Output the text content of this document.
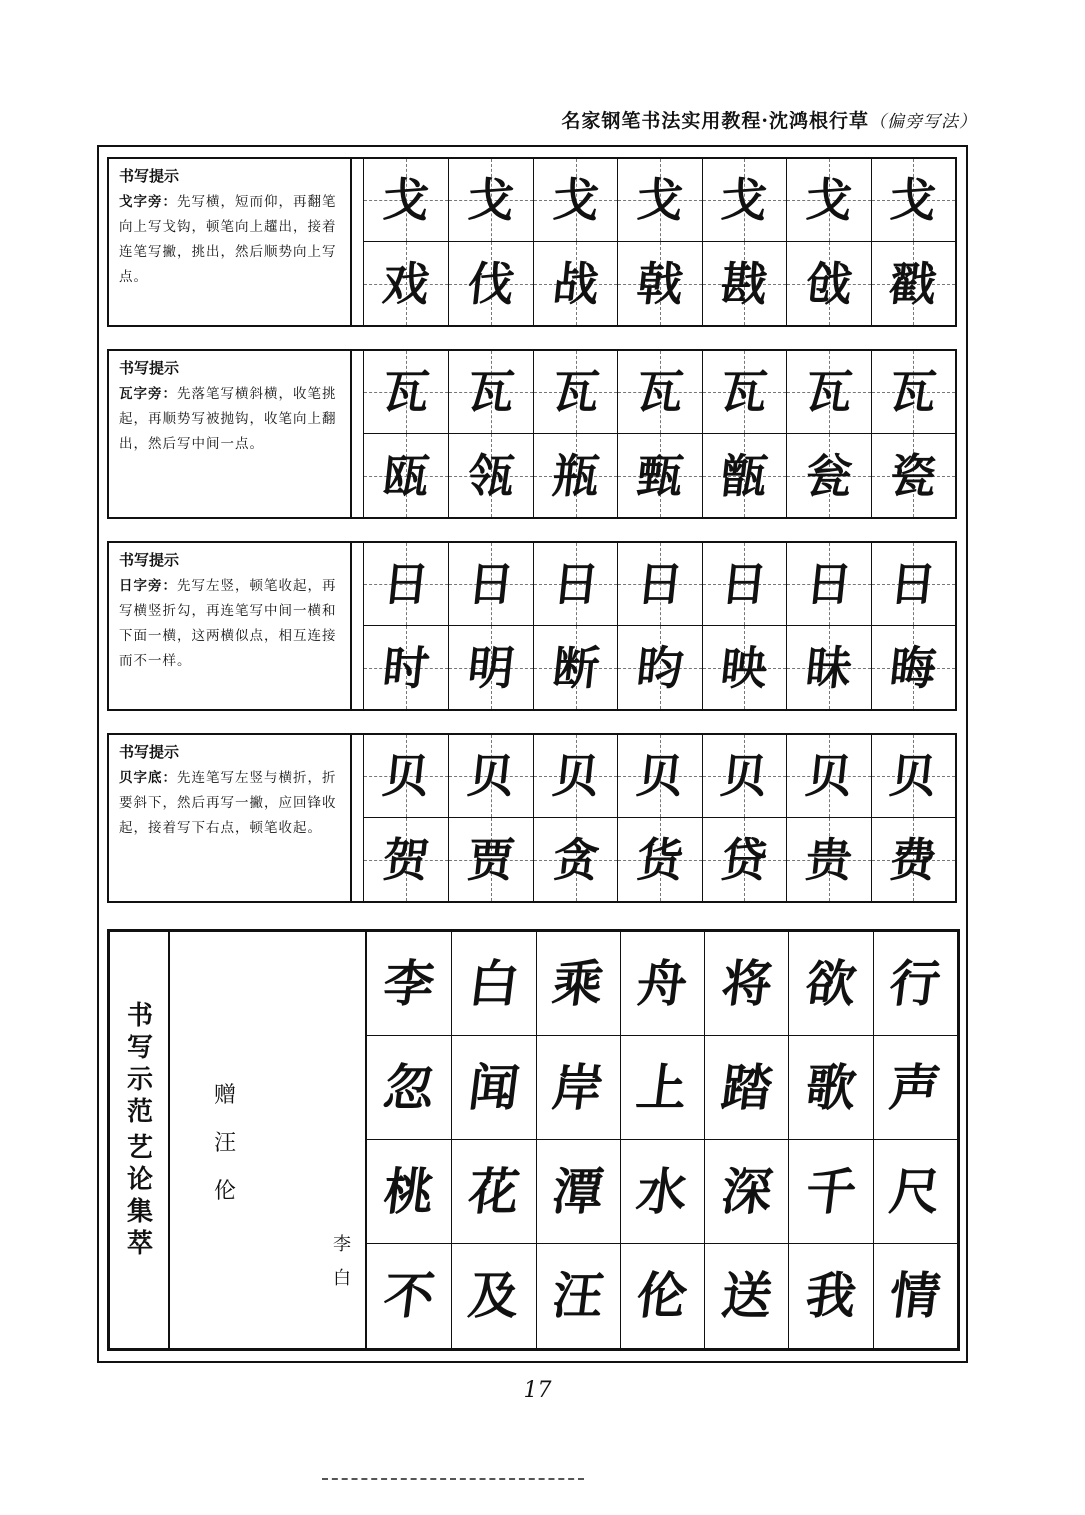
名家钢笔书法实用教程·沈鸿根行草（偏旁写法）
书写提示
戈字旁：先写横，短而仰，再翻笔向上写戈钩，顿笔向上趯出，接着连笔写撇，挑出，然后顺势向上写点。
戈 戈 戈 戈 戈 戈 戈
戏 伐 战 戟 戡 戗 戳
书写提示
瓦字旁：先落笔写横斜横，收笔挑起，再顺势写被抛钩，收笔向上翻出，然后写中间一点。
瓦 瓦 瓦 瓦 瓦 瓦 瓦
瓯 瓴 瓶 甄 甑 瓮 瓷
书写提示
日字旁：先写左竖，顿笔收起，再写横竖折勾，再连笔写中间一横和下面一横，这两横似点，相互连接而不一样。
日 日 日 日 日 日 日
时 明 断 昀 映 昧 晦
书写提示
贝字底：先连笔写左竖与横折，折要斜下，然后再写一撇，应回锋收起，接着写下右点，顿笔收起。
贝 贝 贝 贝 贝 贝 贝
贺 贾 贪 货 贷 贵 费
书
写
示
范
艺
论
集
萃
赠
汪
伦
李
白
李 白 乘 舟 将 欲 行
忽 闻 岸 上 踏 歌 声
桃 花 潭 水 深 千 尺
不 及 汪 伦 送 我 情
17
